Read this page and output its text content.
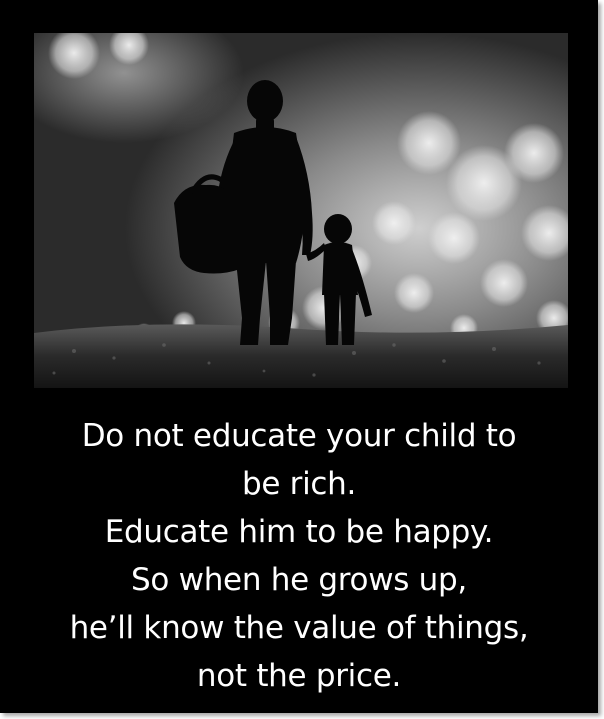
Do not educate your child to
be rich.
Educate him to be happy.
So when he grows up,
he’ll know the value of things,
not the price.
